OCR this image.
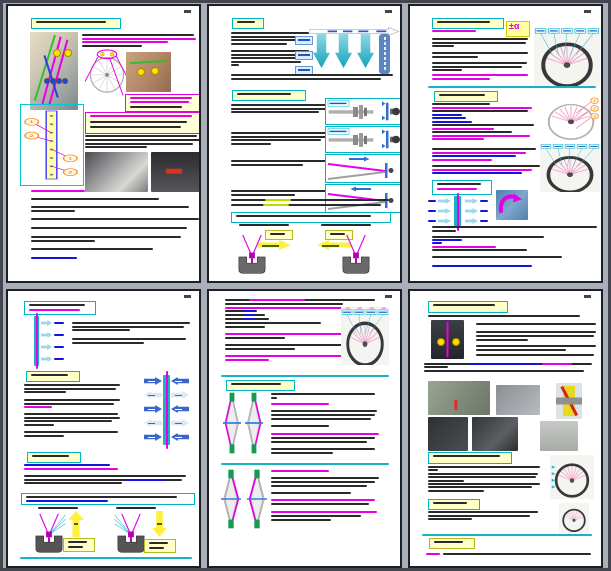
1
2
1
2
±α
1
2
3
